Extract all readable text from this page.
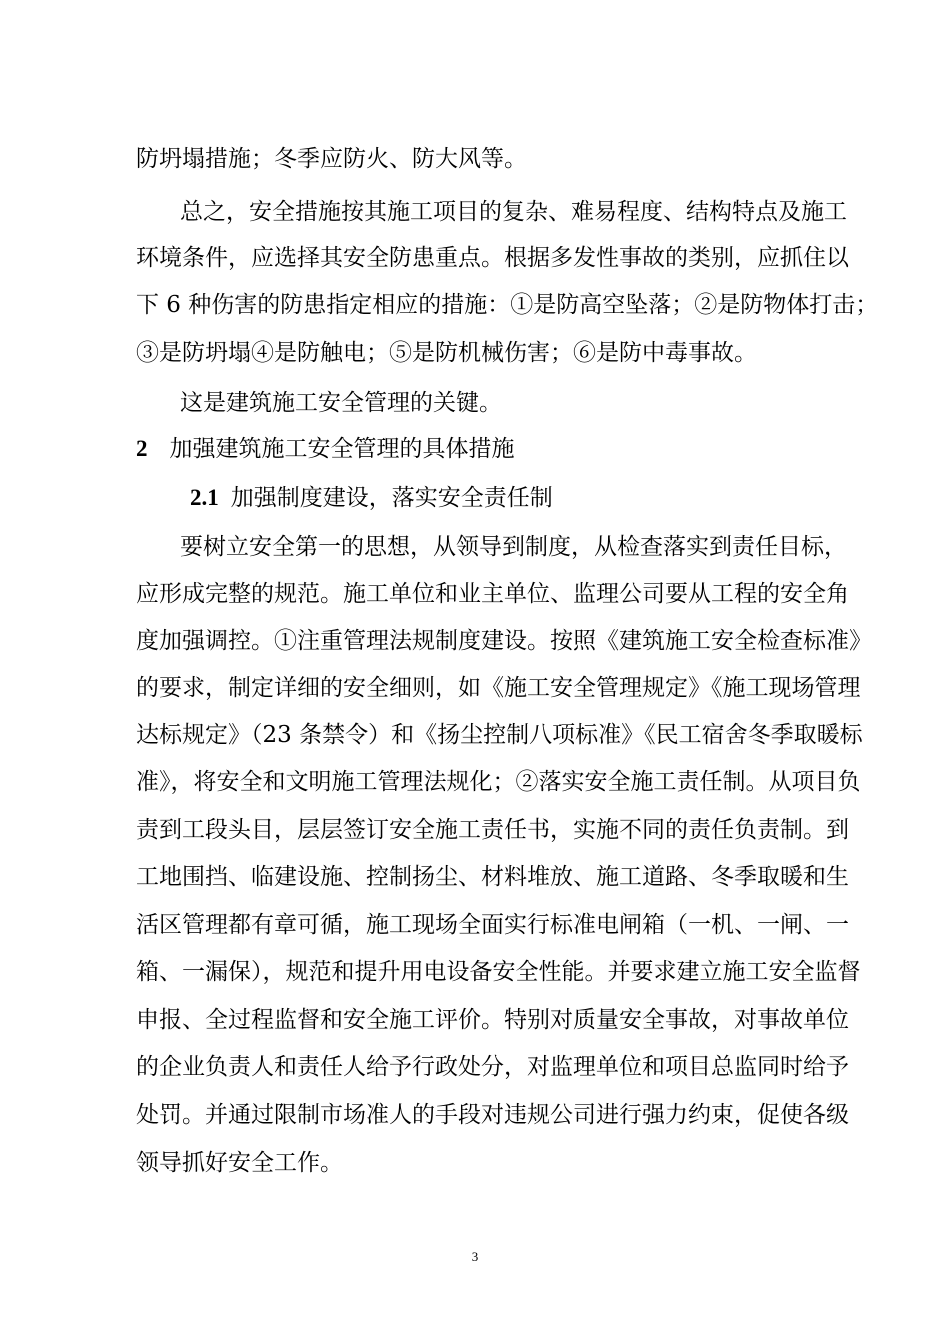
防坍塌措施；冬季应防火、防大风等。
总之，安全措施按其施工项目的复杂、难易程度、结构特点及施工
环境条件，应选择其安全防患重点。根据多发性事故的类别，应抓住以
下 6 种伤害的防患指定相应的措施：①是防高空坠落；②是防物体打击；
③是防坍塌④是防触电；⑤是防机械伤害；⑥是防中毒事故。
这是建筑施工安全管理的关键。
2 加强建筑施工安全管理的具体措施
2.1 加强制度建设，落实安全责任制
要树立安全第一的思想，从领导到制度，从检查落实到责任目标，
应形成完整的规范。施工单位和业主单位、监理公司要从工程的安全角
度加强调控。①注重管理法规制度建设。按照《建筑施工安全检查标准》
的要求，制定详细的安全细则，如《施工安全管理规定》《施工现场管理
达标规定》（23 条禁令）和《扬尘控制八项标准》《民工宿舍冬季取暖标
准》，将安全和文明施工管理法规化；②落实安全施工责任制。从项目负
责到工段头目，层层签订安全施工责任书，实施不同的责任负责制。到
工地围挡、临建设施、控制扬尘、材料堆放、施工道路、冬季取暖和生
活区管理都有章可循，施工现场全面实行标准电闸箱（一机、一闸、一
箱、一漏保），规范和提升用电设备安全性能。并要求建立施工安全监督
申报、全过程监督和安全施工评价。特别对质量安全事故，对事故单位
的企业负责人和责任人给予行政处分，对监理单位和项目总监同时给予
处罚。并通过限制市场准人的手段对违规公司进行强力约束，促使各级
领导抓好安全工作。
3
